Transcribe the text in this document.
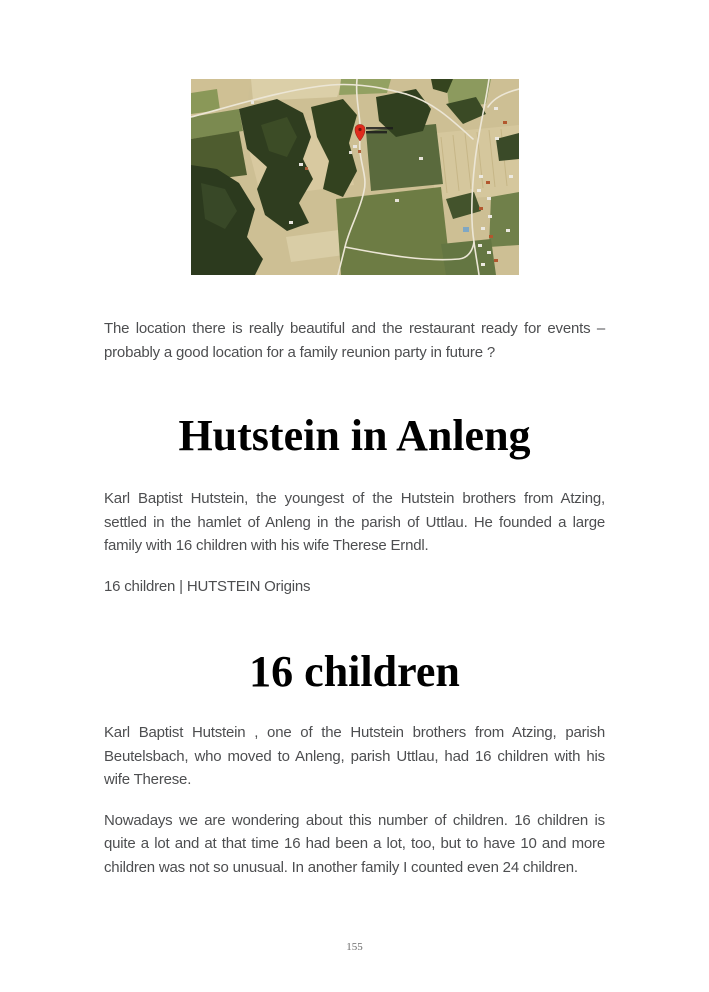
The location there is really beautiful and the restaurant ready for events – probably a good location for a family reunion party in future ?

Hutstein in Anleng

Karl Baptist Hutstein, the youngest of the Hutstein brothers from Atzing, settled in the hamlet of Anleng in the parish of Uttlau. He founded a large family with 16 children with his wife Therese Erndl.

16 children | HUTSTEIN Origins

16 children

Karl Baptist Hutstein , one of the Hutstein brothers from Atzing, parish Beutelsbach, who moved to Anleng, parish Uttlau, had 16 children with his wife Therese.

Nowadays we are wondering about this number of children. 16 children is quite a lot and at that time 16 had been a lot, too, but to have 10 and more children was not so unusual. In another family I counted even 24 children.

155
